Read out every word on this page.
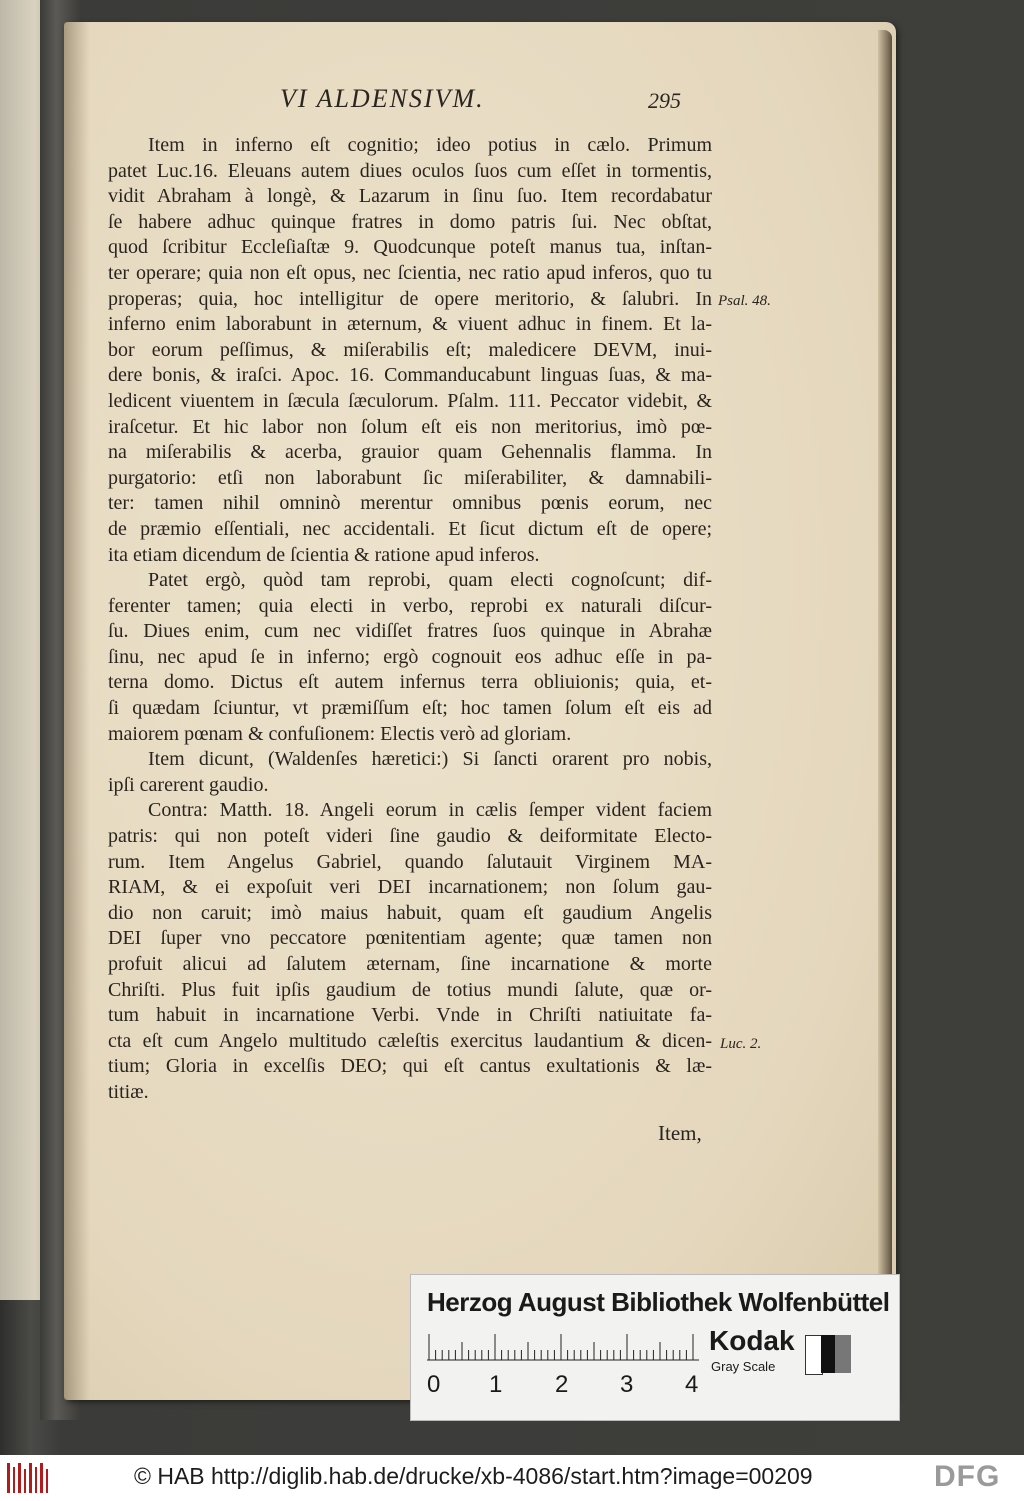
VI ALDENSIVM.	295
Item in inferno eſt cognitio; ideo potius in cælo. Primum
patet Luc.16. Eleuans autem diues oculos ſuos cum eſſet in tormentis,
vidit Abraham à longè, & Lazarum in ſinu ſuo. Item recordabatur
ſe habere adhuc quinque fratres in domo patris ſui. Nec obſtat,
quod ſcribitur Eccleſiaſtæ 9. Quodcunque poteſt manus tua, inſtan-
ter operare; quia non eſt opus, nec ſcientia, nec ratio apud inferos, quo tu
properas; quia, hoc intelligitur de opere meritorio, & ſalubri. In
inferno enim laborabunt in æternum, & viuent adhuc in finem. Et la-
bor eorum peſſimus, & miſerabilis eſt; maledicere DEVM, inui-
dere bonis, & iraſci. Apoc. 16. Commanducabunt linguas ſuas, & ma-
ledicent viuentem in ſæcula ſæculorum. Pſalm. 111. Peccator videbit, &
iraſcetur. Et hic labor non ſolum eſt eis non meritorius, imò pœ-
na miſerabilis & acerba, grauior quam Gehennalis flamma. In
purgatorio: etſi non laborabunt ſic miſerabiliter, & damnabili-
ter: tamen nihil omninò merentur omnibus pœnis eorum, nec
de præmio eſſentiali, nec accidentali. Et ſicut dictum eſt de opere;
ita etiam dicendum de ſcientia & ratione apud inferos.
Patet ergò, quòd tam reprobi, quam electi cognoſcunt; dif-
ferenter tamen; quia electi in verbo, reprobi ex naturali diſcur-
ſu. Diues enim, cum nec vidiſſet fratres ſuos quinque in Abrahæ
ſinu, nec apud ſe in inferno; ergò cognouit eos adhuc eſſe in pa-
terna domo. Dictus eſt autem infernus terra obliuionis; quia, et-
ſi quædam ſciuntur, vt præmiſſum eſt; hoc tamen ſolum eſt eis ad
maiorem pœnam & confuſionem: Electis verò ad gloriam.
Item dicunt, (Waldenſes hæretici:) Si ſancti orarent pro nobis,
ipſi carerent gaudio.
Contra: Matth. 18. Angeli eorum in cælis ſemper vident faciem
patris: qui non poteſt videri ſine gaudio & deiformitate Electo-
rum. Item Angelus Gabriel, quando ſalutauit Virginem MA-
RIAM, & ei expoſuit veri DEI incarnationem; non ſolum gau-
dio non caruit; imò maius habuit, quam eſt gaudium Angelis
DEI ſuper vno peccatore pœnitentiam agente; quæ tamen non
profuit alicui ad ſalutem æternam, ſine incarnatione & morte
Chriſti. Plus fuit ipſis gaudium de totius mundi ſalute, quæ or-
tum habuit in incarnatione Verbi. Vnde in Chriſti natiuitate fa-
cta eſt cum Angelo multitudo cæleſtis exercitus laudantium & dicen-
tium; Gloria in excelſis DEO; qui eſt cantus exultationis & læ-
titiæ.
Psal. 48.
Luc. 2.
Item,
Herzog August Bibliothek Wolfenbüttel
0 1 2 3 4
Kodak
Gray Scale
© HAB http://diglib.hab.de/drucke/xb-4086/start.htm?image=00209	DFG
